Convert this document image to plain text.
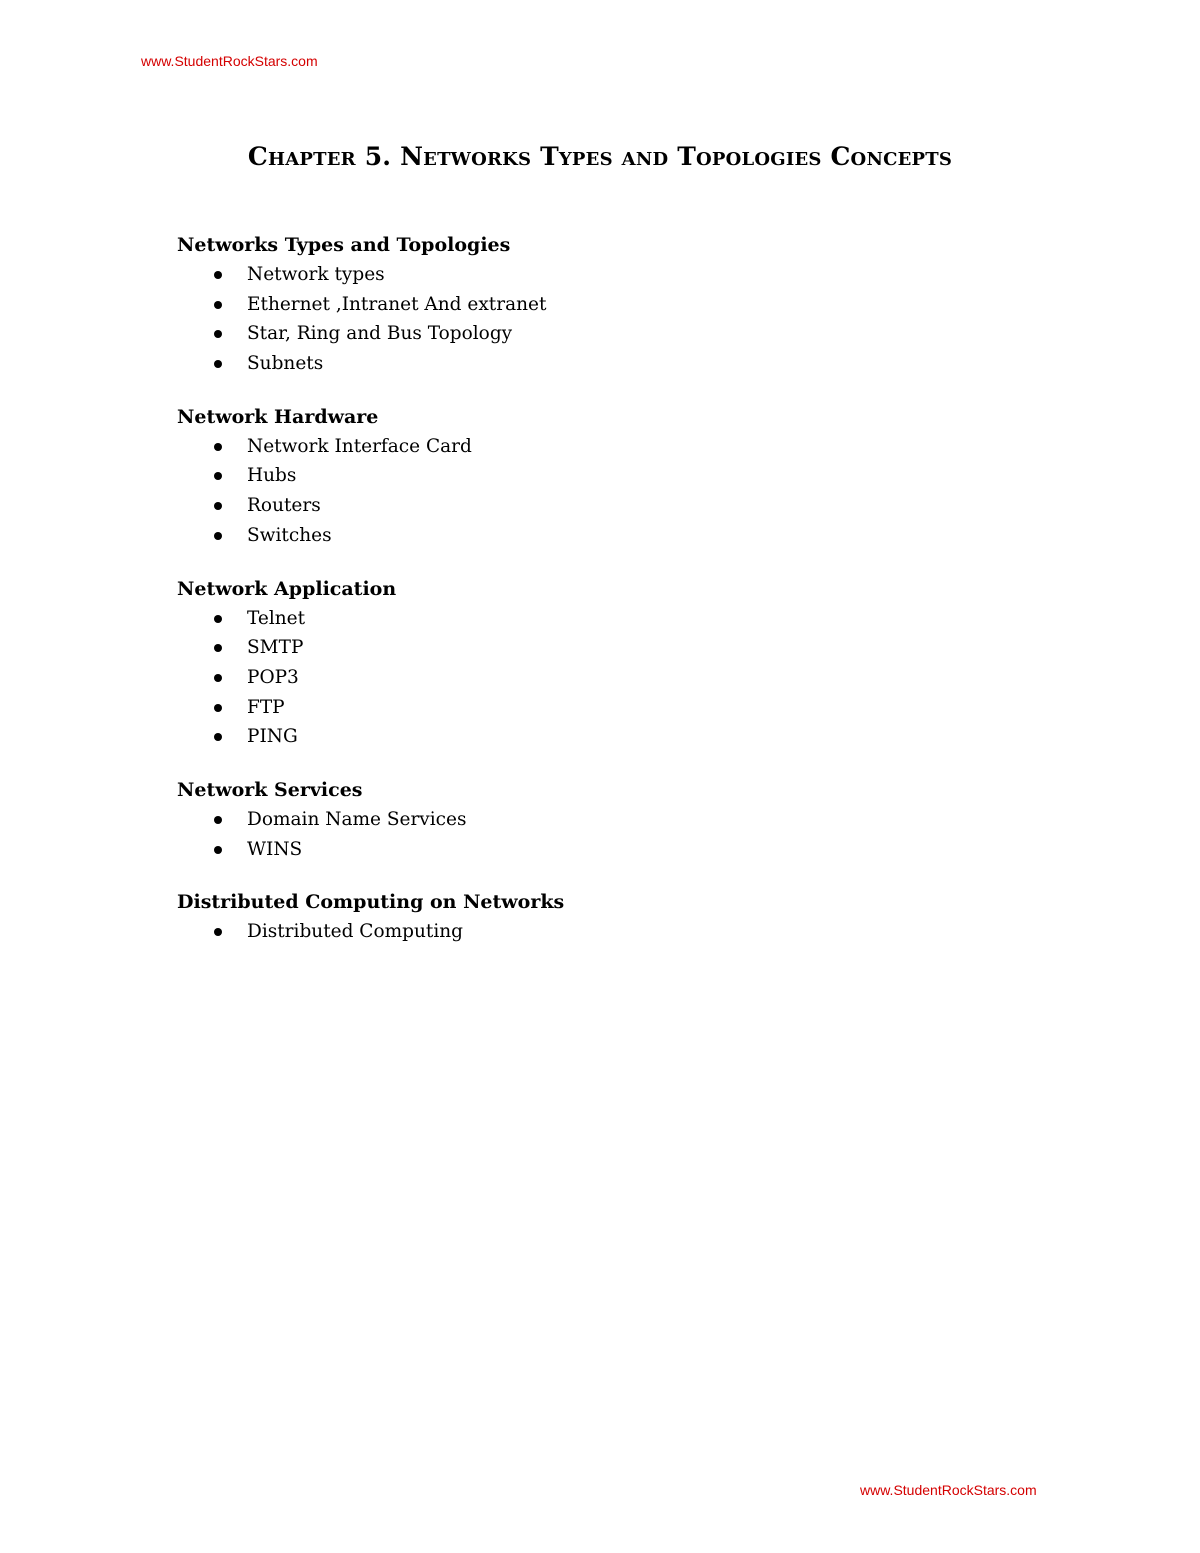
www.StudentRockStars.com
Chapter 5. Networks Types and Topologies Concepts
Networks Types and Topologies
Network types
Ethernet ,Intranet And extranet
Star, Ring and Bus Topology
Subnets
Network Hardware
Network Interface Card
Hubs
Routers
Switches
Network Application
Telnet
SMTP
POP3
FTP
PING
Network Services
Domain Name Services
WINS
Distributed Computing on Networks
Distributed Computing
www.StudentRockStars.com
